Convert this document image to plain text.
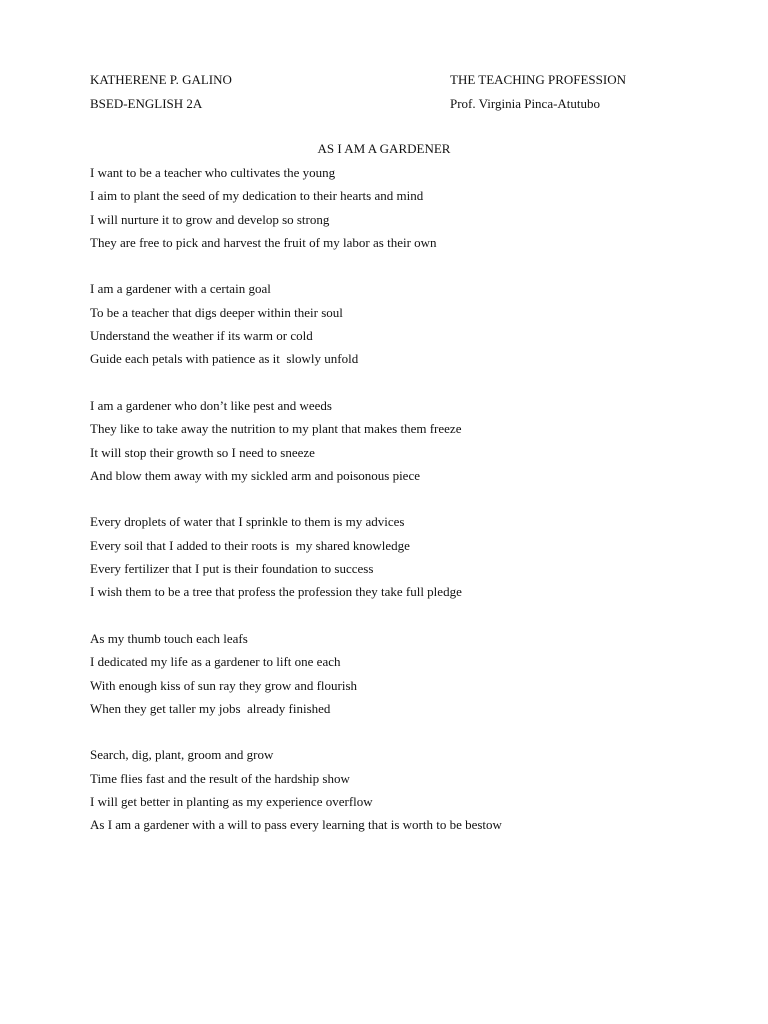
KATHERENE P. GALINO
BSED-ENGLISH 2A
THE TEACHING PROFESSION
Prof. Virginia Pinca-Atutubo
AS I AM A GARDENER
I want to be a teacher who cultivates the young
I aim to plant the seed of my dedication to their hearts and mind
I will nurture it to grow and develop so strong
They are free to pick and harvest the fruit of my labor as their own
I am a gardener with a certain goal
To be a teacher that digs deeper within their soul
Understand the weather if its warm or cold
Guide each petals with patience as it  slowly unfold
I am a gardener who don’t like pest and weeds
They like to take away the nutrition to my plant that makes them freeze
It will stop their growth so I need to sneeze
And blow them away with my sickled arm and poisonous piece
Every droplets of water that I sprinkle to them is my advices
Every soil that I added to their roots is  my shared knowledge
Every fertilizer that I put is their foundation to success
I wish them to be a tree that profess the profession they take full pledge
As my thumb touch each leafs
I dedicated my life as a gardener to lift one each
With enough kiss of sun ray they grow and flourish
When they get taller my jobs  already finished
Search, dig, plant, groom and grow
Time flies fast and the result of the hardship show
I will get better in planting as my experience overflow
As I am a gardener with a will to pass every learning that is worth to be bestow
